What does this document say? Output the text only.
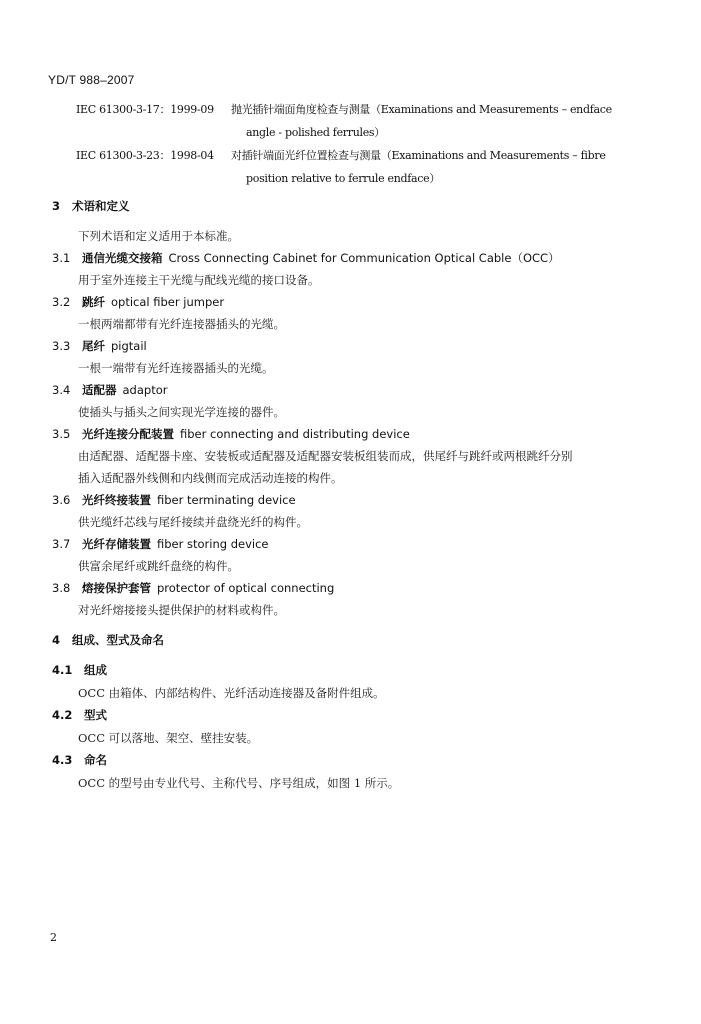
YD/T 988–2007
IEC 61300-3-17：1999-09 抛光插针端面角度检查与测量（Examinations and Measurements – endface
angle - polished ferrules）
IEC 61300-3-23：1998-04 对插针端面光纤位置检查与测量（Examinations and Measurements – fibre
position relative to ferrule endface）
3 术语和定义
下列术语和定义适用于本标准。
3.1 通信光缆交接箱 Cross Connecting Cabinet for Communication Optical Cable（OCC）
用于室外连接主干光缆与配线光缆的接口设备。
3.2 跳纤 optical fiber jumper
一根两端都带有光纤连接器插头的光缆。
3.3 尾纤 pigtail
一根一端带有光纤连接器插头的光缆。
3.4 适配器 adaptor
使插头与插头之间实现光学连接的器件。
3.5 光纤连接分配装置 fiber connecting and distributing device
由适配器、适配器卡座、安装板或适配器及适配器安装板组装而成，供尾纤与跳纤或两根跳纤分别
插入适配器外线侧和内线侧而完成活动连接的构件。
3.6 光纤终接装置 fiber terminating device
供光缆纤芯线与尾纤接续并盘绕光纤的构件。
3.7 光纤存储装置 fiber storing device
供富余尾纤或跳纤盘绕的构件。
3.8 熔接保护套管 protector of optical connecting
对光纤熔接接头提供保护的材料或构件。
4 组成、型式及命名
4.1 组成
OCC 由箱体、内部结构件、光纤活动连接器及备附件组成。
4.2 型式
OCC 可以落地、架空、壁挂安装。
4.3 命名
OCC 的型号由专业代号、主称代号、序号组成，如图 1 所示。
2
